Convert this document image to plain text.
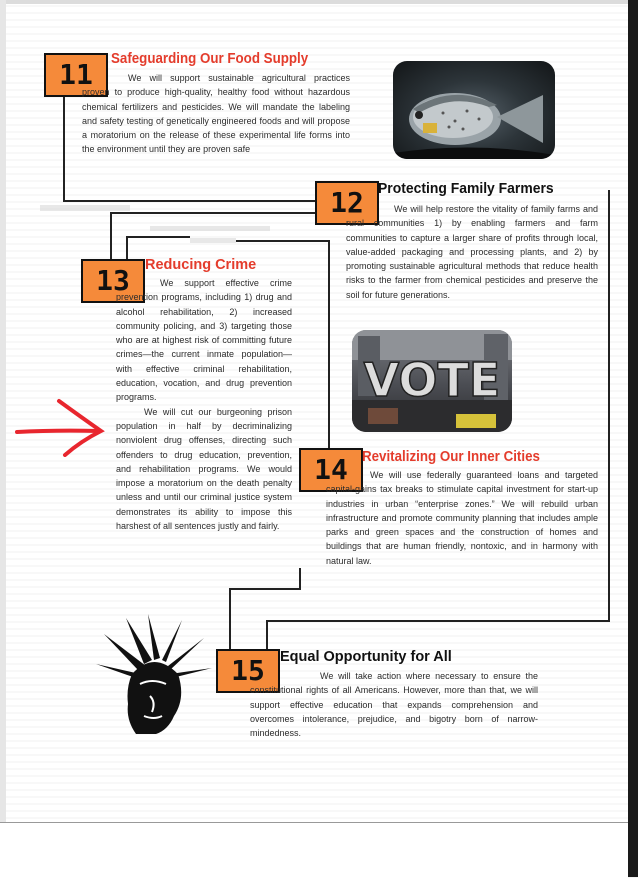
11	Safeguarding Our Food Supply
We will support sustainable agricultural practices proven to produce high-quality, healthy food without hazardous chemical fertilizers and pesticides. We will mandate the labeling and safety testing of genetically engineered foods and will propose a moratorium on the release of these experimental life forms into the environment until they are proven safe
12 Protecting Family Farmers
We will help restore the vitality of family farms and rural communities 1) by enabling farmers and farm communities to capture a larger share of profits through local, value-added packaging and processing plants, and 2) by promoting sustainable agricultural methods that reduce health risks to the farmer from chemical pesticides and preserve the soil for future generations.
13	Reducing Crime
We support effective crime prevention programs, including 1) drug and alcohol rehabilitation, 2) increased community policing, and 3) targeting those who are at highest risk of committing future crimes—the current inmate population—with effective criminal rehabilitation, education, vocation, and drug prevention programs.
We will cut our burgeoning prison population in half by decriminalizing nonviolent drug offenses, directing such offenders to drug education, prevention, and rehabilitation programs. We would impose a moratorium on the death penalty unless and until our criminal justice system demonstrates its ability to impose this harshest of all sentences justly and fairly.
VOTE
14 Revitalizing Our Inner Cities
We will use federally guaranteed loans and targeted capital-gains tax breaks to stimulate capital investment for start-up industries in urban “enterprise zones.” We will rebuild urban infrastructure and promote community planning that includes ample parks and green spaces and the construction of homes and buildings that are human friendly, nontoxic, and in harmony with natural law.
15	Equal Opportunity for All
We will take action where necessary to ensure the constitutional rights of all Americans. However, more than that, we will support effective education that expands comprehension and overcomes intolerance, prejudice, and bigotry born of narrow-mindedness.
